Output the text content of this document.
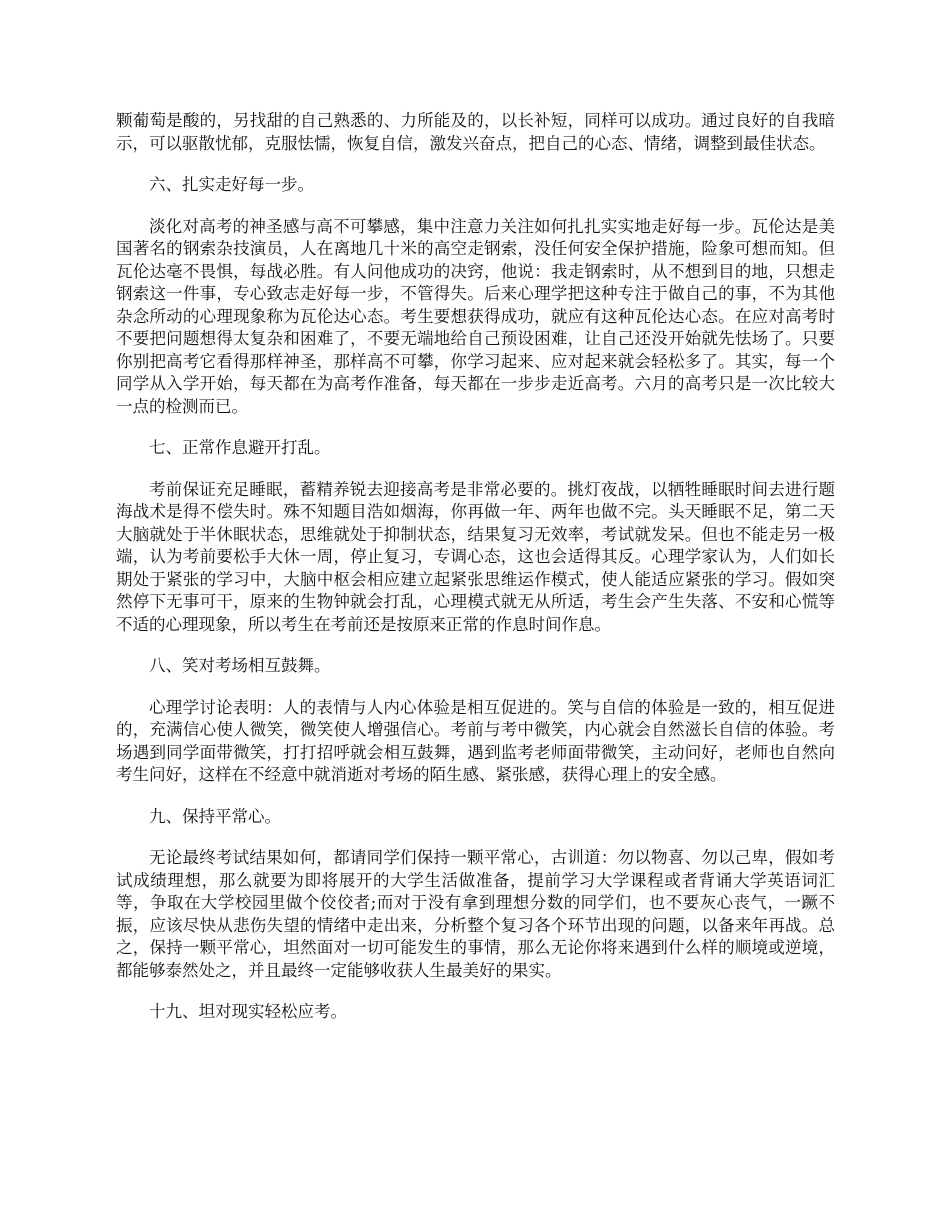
颗葡萄是酸的，另找甜的自己熟悉的、力所能及的，以长补短，同样可以成功。通过良好的自我暗示，可以驱散忧郁，克服怯懦，恢复自信，激发兴奋点，把自己的心态、情绪，调整到最佳状态。

六、扎实走好每一步。

淡化对高考的神圣感与高不可攀感，集中注意力关注如何扎扎实实地走好每一步。瓦伦达是美国著名的钢索杂技演员，人在离地几十米的高空走钢索，没任何安全保护措施，险象可想而知。但瓦伦达毫不畏惧，每战必胜。有人问他成功的决窍，他说：我走钢索时，从不想到目的地，只想走钢索这一件事，专心致志走好每一步，不管得失。后来心理学把这种专注于做自己的事，不为其他杂念所动的心理现象称为瓦伦达心态。考生要想获得成功，就应有这种瓦伦达心态。在应对高考时不要把问题想得太复杂和困难了，不要无端地给自己预设困难，让自己还没开始就先怯场了。只要你别把高考它看得那样神圣，那样高不可攀，你学习起来、应对起来就会轻松多了。其实，每一个同学从入学开始，每天都在为高考作准备，每天都在一步步走近高考。六月的高考只是一次比较大一点的检测而已。

七、正常作息避开打乱。

考前保证充足睡眠，蓄精养锐去迎接高考是非常必要的。挑灯夜战，以牺牲睡眠时间去进行题海战术是得不偿失时。殊不知题目浩如烟海，你再做一年、两年也做不完。头天睡眠不足，第二天大脑就处于半休眠状态，思维就处于抑制状态，结果复习无效率，考试就发呆。但也不能走另一极端，认为考前要松手大休一周，停止复习，专调心态，这也会适得其反。心理学家认为，人们如长期处于紧张的学习中，大脑中枢会相应建立起紧张思维运作模式，使人能适应紧张的学习。假如突然停下无事可干，原来的生物钟就会打乱，心理模式就无从所适，考生会产生失落、不安和心慌等不适的心理现象，所以考生在考前还是按原来正常的作息时间作息。

八、笑对考场相互鼓舞。

心理学讨论表明：人的表情与人内心体验是相互促进的。笑与自信的体验是一致的，相互促进的，充满信心使人微笑，微笑使人增强信心。考前与考中微笑，内心就会自然滋长自信的体验。考场遇到同学面带微笑，打打招呼就会相互鼓舞，遇到监考老师面带微笑，主动问好，老师也自然向考生问好，这样在不经意中就消逝对考场的陌生感、紧张感，获得心理上的安全感。

九、保持平常心。

无论最终考试结果如何，都请同学们保持一颗平常心，古训道：勿以物喜、勿以己卑，假如考试成绩理想，那么就要为即将展开的大学生活做准备，提前学习大学课程或者背诵大学英语词汇等，争取在大学校园里做个佼佼者;而对于没有拿到理想分数的同学们，也不要灰心丧气，一蹶不振，应该尽快从悲伤失望的情绪中走出来，分析整个复习各个环节出现的问题，以备来年再战。总之，保持一颗平常心，坦然面对一切可能发生的事情，那么无论你将来遇到什么样的顺境或逆境，都能够泰然处之，并且最终一定能够收获人生最美好的果实。

十九、坦对现实轻松应考。
